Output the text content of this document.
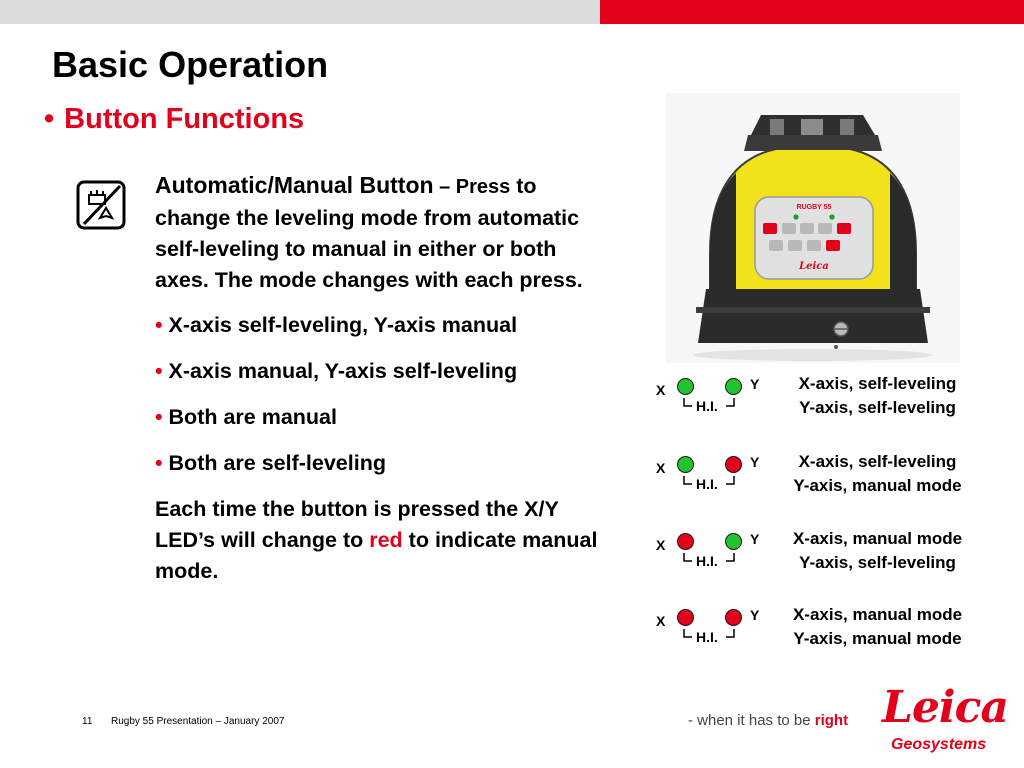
Basic Operation
• Button Functions

Automatic/Manual Button – Press to change the leveling mode from automatic self-leveling to manual in either or both axes. The mode changes with each press.

• X-axis self-leveling, Y-axis manual

• X-axis manual, Y-axis self-leveling

• Both are manual

• Both are self-leveling

Each time the button is pressed the X/Y LED’s will change to red to indicate manual mode.

RUGBY 55
Leica
X	Y
H.I.
X-axis, self-leveling
Y-axis, self-leveling
X	Y
H.I.
X-axis, self-leveling
Y-axis, manual mode
X	Y
H.I.
X-axis, manual mode
Y-axis, self-leveling
X	Y
H.I.
X-axis, manual mode
Y-axis, manual mode
11 Rugby 55 Presentation – January 2007	- when it has to be right Leica
Geosystems
